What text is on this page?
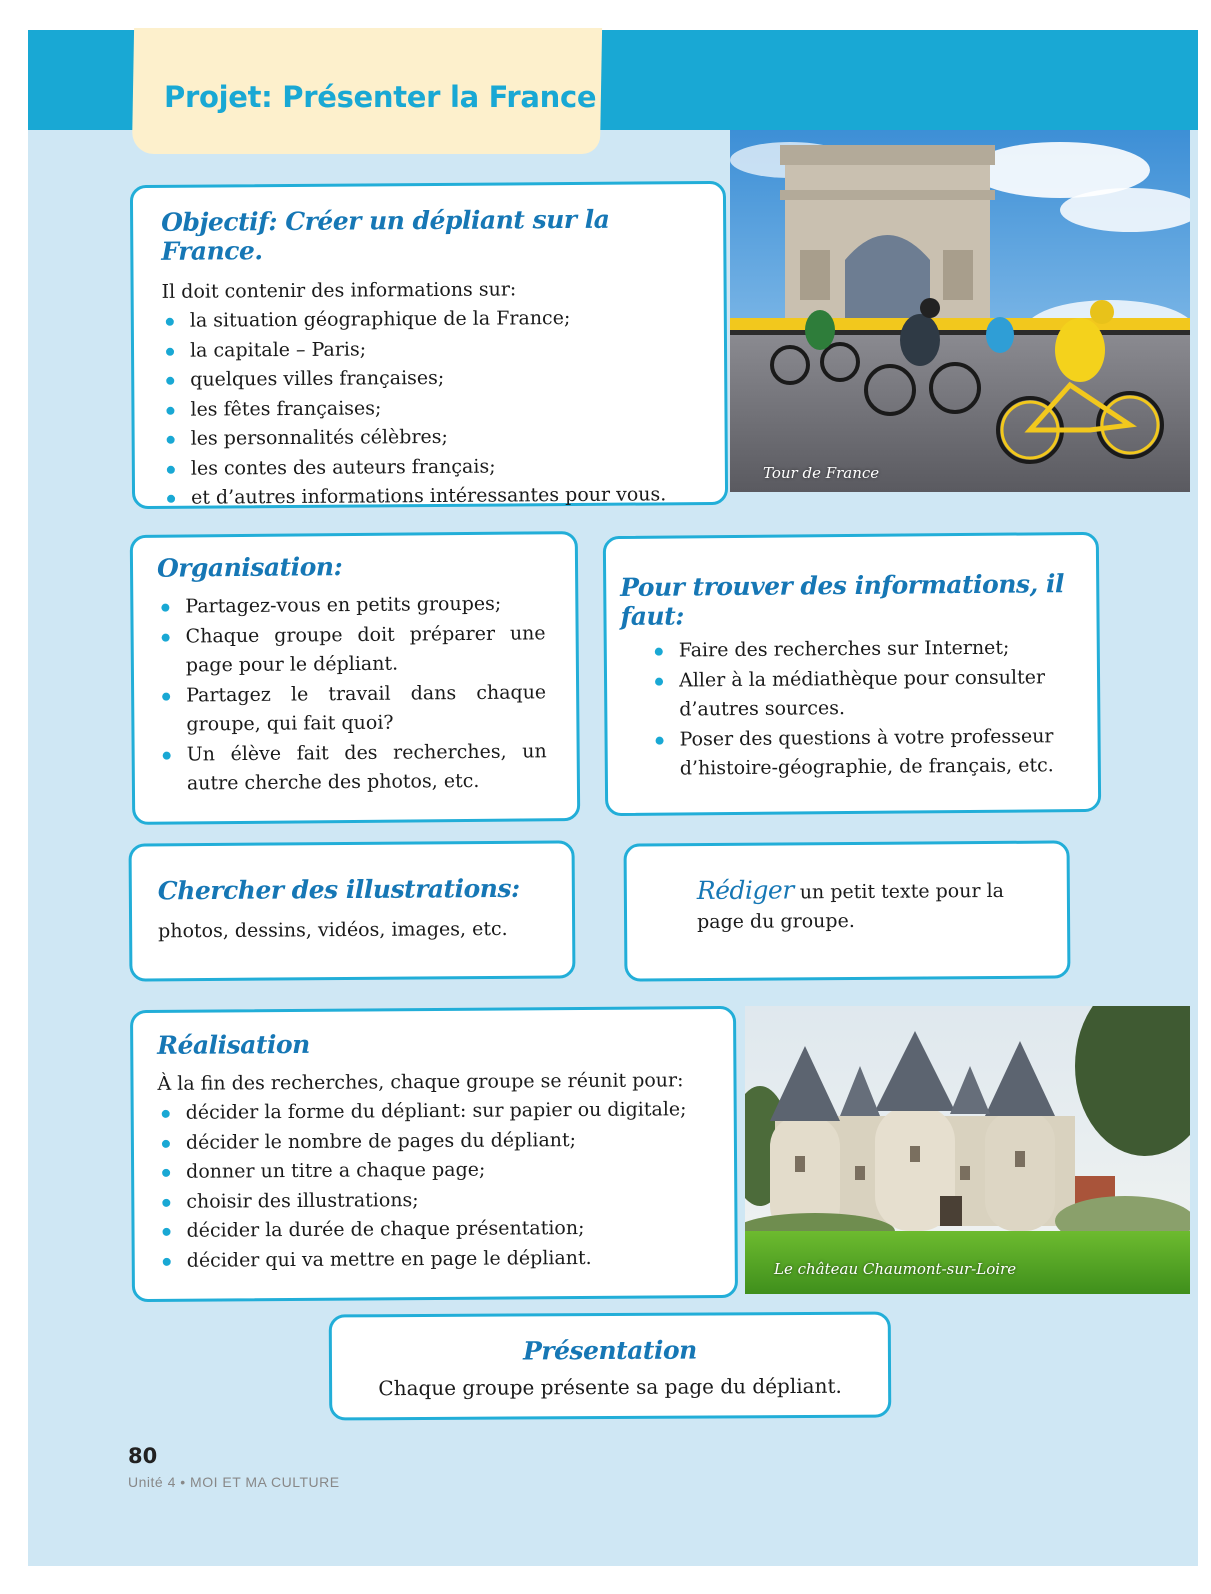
Projet: Présenter la France
Objectif: Créer un dépliant sur la France.

Il doit contenir des informations sur:

la situation géographique de la France;
la capitale – Paris;
quelques villes françaises;
les fêtes françaises;
les personnalités célèbres;
les contes des auteurs français;
et d’autres informations intéressantes pour vous.
Tour de France
Organisation:
Partagez-vous en petits groupes;
Chaque groupe doit préparer une page pour le dépliant.
Partagez le travail dans chaque groupe, qui fait quoi?
Un élève fait des recherches, un autre cherche des photos, etc.
Pour trouver des informations, il faut:
Faire des recherches sur Internet;
Aller à la médiathèque pour consulter d’autres sources.
Poser des questions à votre professeur d’histoire-géographie, de français, etc.
Chercher des illustrations:

photos, dessins, vidéos, images, etc.

Rédiger un petit texte pour la page du groupe.

Réalisation

À la fin des recherches, chaque groupe se réunit pour:

décider la forme du dépliant: sur papier ou digitale;
décider le nombre de pages du dépliant;
donner un titre a chaque page;
choisir des illustrations;
décider la durée de chaque présentation;
décider qui va mettre en page le dépliant.	Le château Chaumont-sur-Loire
Présentation

Chaque groupe présente sa page du dépliant.

80

Unité 4 • MOI ET MA CULTURE
